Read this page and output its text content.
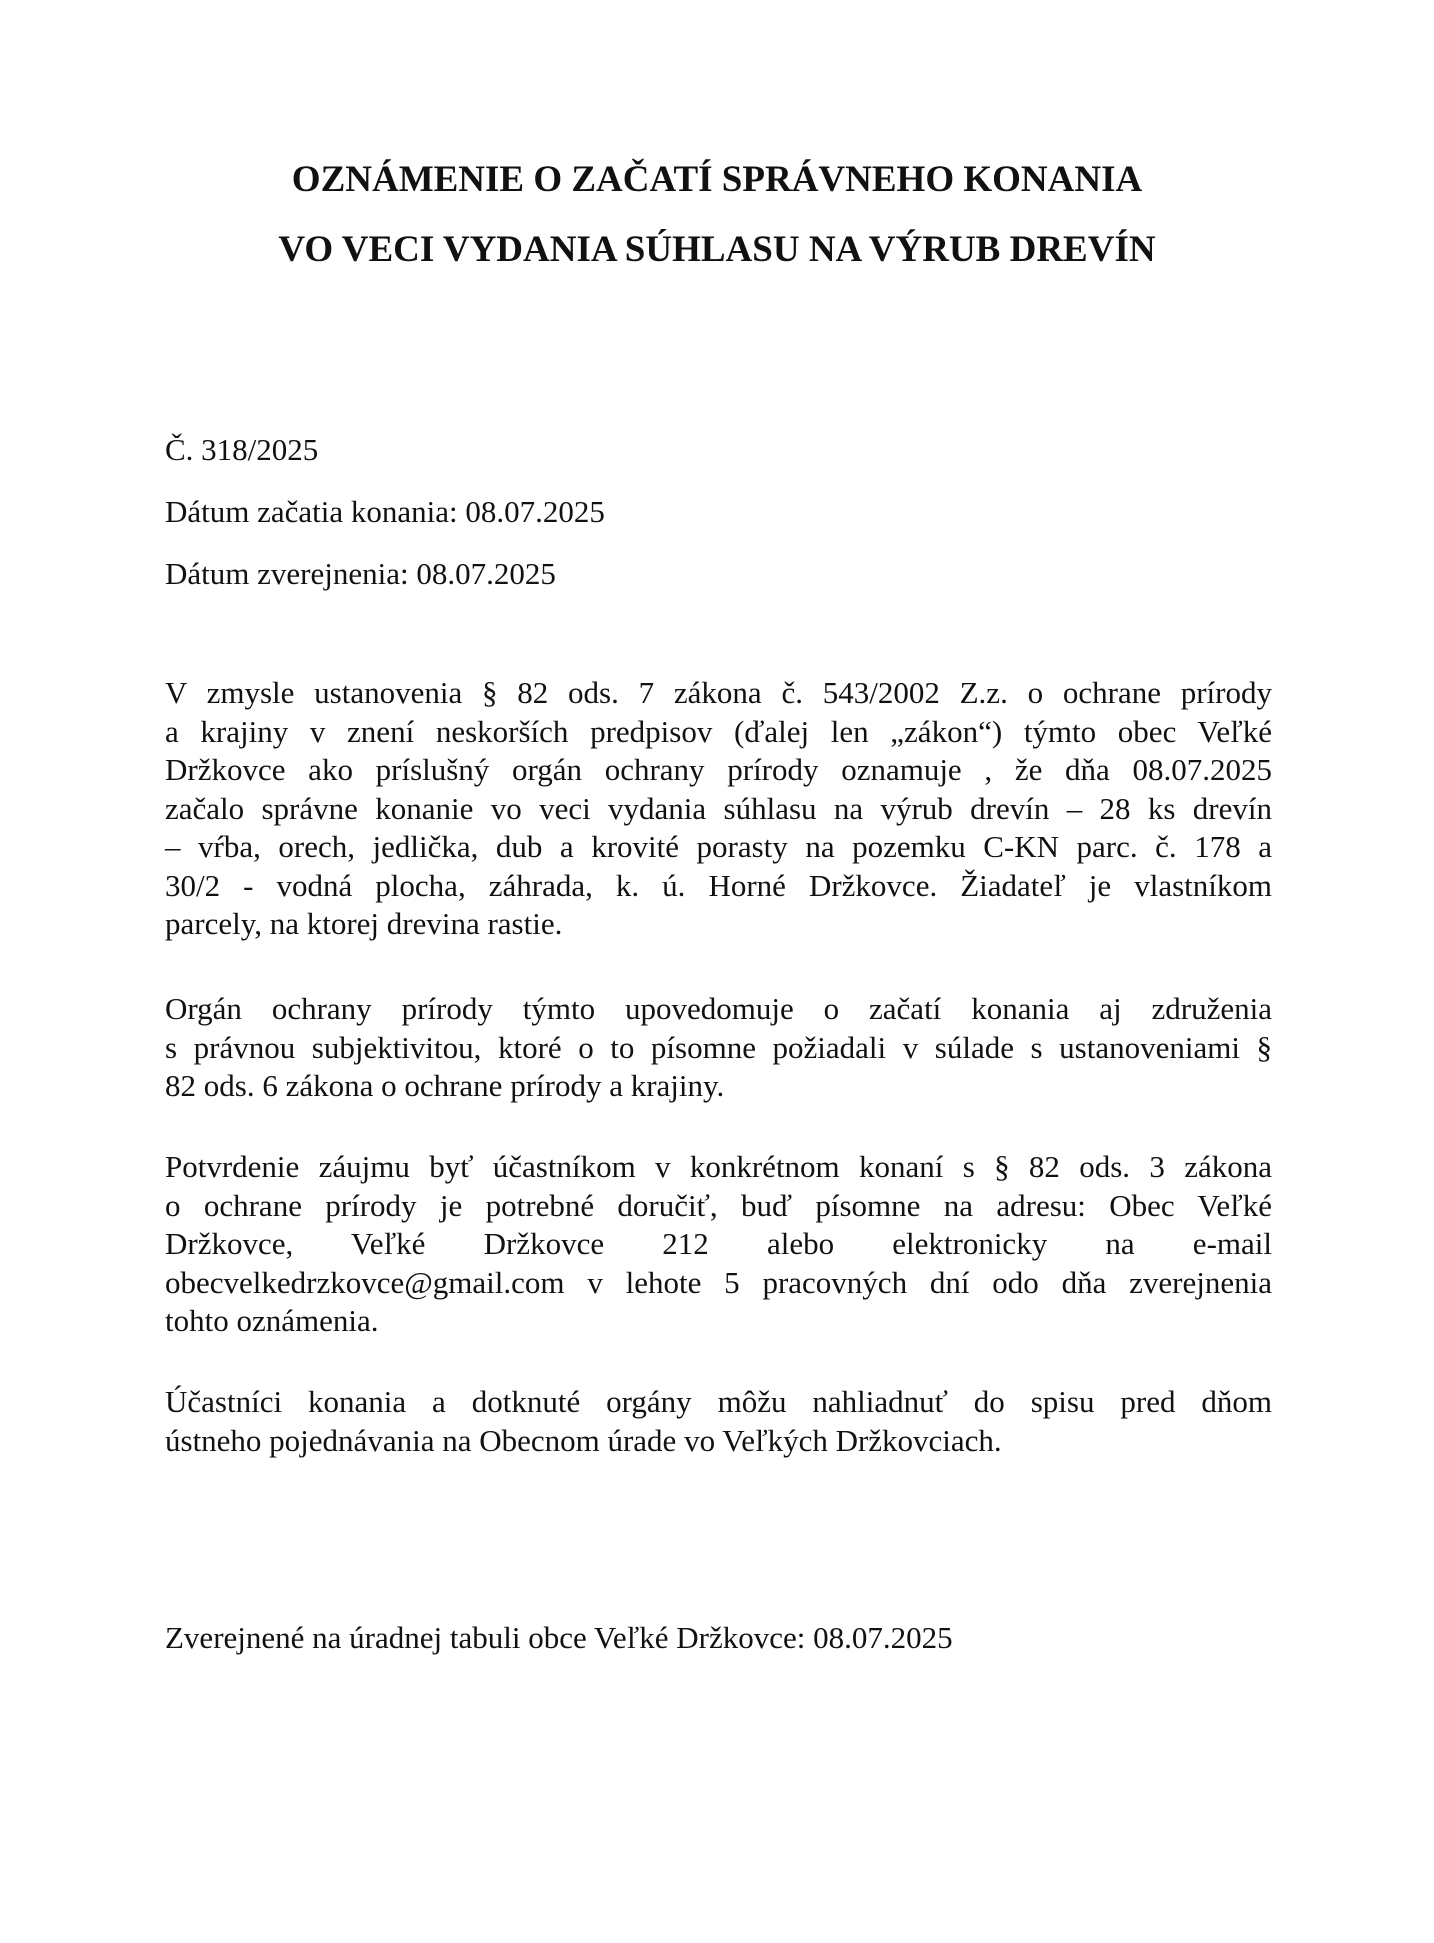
OZNÁMENIE O ZAČATÍ SPRÁVNEHO KONANIA
VO VECI VYDANIA SÚHLASU NA VÝRUB DREVÍN

Č. 318/2025

Dátum začatia konania: 08.07.2025

Dátum zverejnenia: 08.07.2025

V zmysle ustanovenia § 82 ods. 7 zákona č. 543/2002 Z.z. o ochrane prírody
a krajiny v znení neskorších predpisov (ďalej len „zákon“) týmto obec Veľké
Držkovce ako príslušný orgán ochrany prírody oznamuje , že dňa 08.07.2025
začalo správne konanie vo veci vydania súhlasu na výrub drevín – 28 ks drevín
– vŕba, orech, jedlička, dub a krovité porasty na pozemku C-KN parc. č. 178 a
30/2 - vodná plocha, záhrada, k. ú. Horné Držkovce. Žiadateľ je vlastníkom
parcely, na ktorej drevina rastie.
Orgán ochrany prírody týmto upovedomuje o začatí konania aj združenia
s právnou subjektivitou, ktoré o to písomne požiadali v súlade s ustanoveniami §
82 ods. 6 zákona o ochrane prírody a krajiny.
Potvrdenie záujmu byť účastníkom v konkrétnom konaní s § 82 ods. 3 zákona
o ochrane prírody je potrebné doručiť, buď písomne na adresu: Obec Veľké
Držkovce, Veľké Držkovce 212 alebo elektronicky na e-mail
obecvelkedrzkovce@gmail.com v lehote 5 pracovných dní odo dňa zverejnenia
tohto oznámenia.
Účastníci konania a dotknuté orgány môžu nahliadnuť do spisu pred dňom
ústneho pojednávania na Obecnom úrade vo Veľkých Držkovciach.

Zverejnené na úradnej tabuli obce Veľké Držkovce: 08.07.2025
